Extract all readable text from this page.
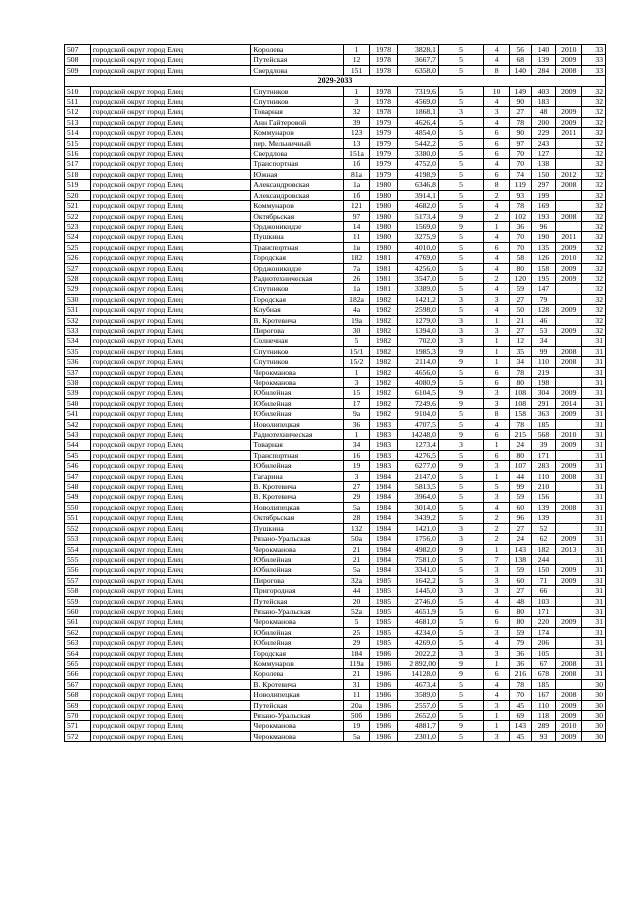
507	городской округ город Елец	Королева	1	1978	3828,1	5	4	56	140	2010	33
508	городской округ город Елец	Путейская	12	1978	3667,7	5	4	68	139	2009	33
509	городской округ город Елец	Свердлова	151	1978	6358,0	5	8	140	284	2008	33
2029-2033											
510	городской округ город Елец	Спутников	1	1978	7319,6	5	10	149	403	2009	32
511	городской округ город Елец	Спутников	3	1978	4569,0	5	4	90	183		32
512	городской округ город Елец	Товарная	32	1978	1868,1	3	3	27	48	2009	32
513	городской округ город Елец	Анн Гайтеровой	39	1979	4626,4	5	4	78	200	2009	32
514	городской округ город Елец	Коммунаров	123	1979	4854,0	5	6	90	229	2011	32
515	городской округ город Елец	пер. Мельничный	13	1979	5442,2	5	6	97	243		32
516	городской округ город Елец	Свердлова	151а	1979	3380,0	5	6	70	127		32
517	городской округ город Елец	Транспортная	1б	1979	4752,0	5	4	70	138		32
518	городской округ город Елец	Южная	81а	1979	4198,9	5	6	74	150	2012	32
519	городской округ город Елец	Александровская	1а	1980	6346,8	5	8	119	297	2008	32
520	городской округ город Елец	Александровская	1б	1980	3914,1	5	2	93	199		32
521	городской округ город Елец	Коммунаров	121	1980	4682,0	5	4	78	169		32
522	городской округ город Елец	Октябрьская	97	1980	5173,4	9	2	102	193	2008	32
523	городской округ город Елец	Орджоникидзе	14	1980	1569,0	9	1	36	96		32
524	городской округ город Елец	Пушкина	11	1980	3275,9	5	4	70	190	2011	32
525	городской округ город Елец	Транспортная	1в	1980	4010,0	5	6	70	135	2009	32
526	городской округ город Елец	Городская	182	1981	4769,0	5	4	58	126	2010	32
527	городской округ город Елец	Орджоникидзе	7а	1981	4256,0	5	4	80	158	2009	32
528	городской округ город Елец	Радиотехническая	26	1981	3547,0	5	2	120	195	2009	32
529	городской округ город Елец	Спутников	1а	1981	3389,0	5	4	59	147		32
530	городской округ город Елец	Городская	182а	1982	1421,2	3	3	27	79		32
531	городской округ город Елец	Клубная	4а	1982	2598,0	5	4	50	128	2009	32
532	городской округ город Елец	В. Кротевича	19а	1982	1279,0	3	1	21	46		32
533	городской округ город Елец	Пирогова	30	1982	1394,0	3	3	27	53	2009	32
534	городской округ город Елец	Солнечная	5	1982	702,0	3	1	12	34		31
535	городской округ город Елец	Спутников	15/1	1982	1985,3	9	1	35	99	2008	31
536	городской округ город Елец	Спутников	15/2	1982	2114,0	9	1	34	110	2008	31
537	городской округ город Елец	Черокманова	1	1982	4656,0	5	6	78	219		31
538	городской округ город Елец	Черокманова	3	1982	4080,9	5	6	80	198		31
539	городской округ город Елец	Юбилейная	15	1982	6104,5	9	3	108	304	2009	31
540	городской округ город Елец	Юбилейная	17	1982	7249,6	9	3	108	291	2014	31
541	городской округ город Елец	Юбилейная	9а	1982	9104,0	5	8	158	363	2009	31
542	городской округ город Елец	Новолипецкая	36	1983	4707,5	5	4	78	185		31
543	городской округ город Елец	Радиотехническая	1	1983	14248,0	9	6	215	568	2010	31
544	городской округ город Елец	Товарная	34	1983	1273,4	3	1	24	39	2009	31
545	городской округ город Елец	Транспортная	16	1983	4276,5	5	6	80	171		31
546	городской округ город Елец	Юбилейная	19	1983	6277,0	9	3	107	283	2009	31
547	городской округ город Елец	Гагарина	3	1984	2147,0	5	1	44	110	2008	31
548	городской округ город Елец	В. Кротевича	27	1984	5813,5	5	5	99	210		31
549	городской округ город Елец	В. Кротевича	29	1984	3964,0	5	3	59	156		31
550	городской округ город Елец	Новолипецкая	5а	1984	3014,0	5	4	60	139	2008	31
551	городской округ город Елец	Октябрьская	28	1984	3439,2	5	2	96	139		31
552	городской округ город Елец	Пушкина	132	1984	1421,0	3	2	27	52		31
553	городской округ город Елец	Рязано-Уральская	50а	1984	1756,0	3	2	24	62	2009	31
554	городской округ город Елец	Черокманова	21	1984	4982,0	9	1	143	182	2013	31
555	городской округ город Елец	Юбилейная	21	1984	7581,0	5	7	138	244		31
556	городской округ город Елец	Юбилейная	5а	1984	3341,0	5	3	59	150	2009	31
557	городской округ город Елец	Пирогова	32а	1985	1642,2	5	3	60	71	2009	31
558	городской округ город Елец	Пригородная	44	1985	1445,0	3	3	27	66		31
559	городской округ город Елец	Путейская	20	1985	2746,0	5	4	48	103		31
560	городской округ город Елец	Рязано-Уральская	52а	1985	4651,9	5	6	80	171		31
561	городской округ город Елец	Черокманова	5	1985	4681,0	5	6	80	220	2009	31
562	городской округ город Елец	Юбилейная	25	1985	4234,0	5	3	59	174		31
563	городской округ город Елец	Юбилейная	29	1985	4269,0	5	4	79	206		31
564	городской округ город Елец	Городская	184	1986	2022,2	3	3	36	105		31
565	городской округ город Елец	Коммунаров	119а	1986	2 892,00	9	1	36	67	2008	31
566	городской округ город Елец	Королева	21	1986	14128,0	9	6	216	678	2008	31
567	городской округ город Елец	В. Кротевича	31	1986	4673,4	5	4	78	185		30
568	городской округ город Елец	Новолипецкая	11	1986	3589,0	5	4	70	167	2008	30
569	городской округ город Елец	Путейская	20а	1986	2557,0	5	3	45	110	2009	30
570	городской округ город Елец	Рязано-Уральская	50б	1986	2652,0	5	1	69	118	2009	30
571	городской округ город Елец	Черокманова	19	1986	4881,7	9	1	143	289	2010	30
572	городской округ город Елец	Черокманова	5а	1986	2301,0	5	3	45	93	2009	30
